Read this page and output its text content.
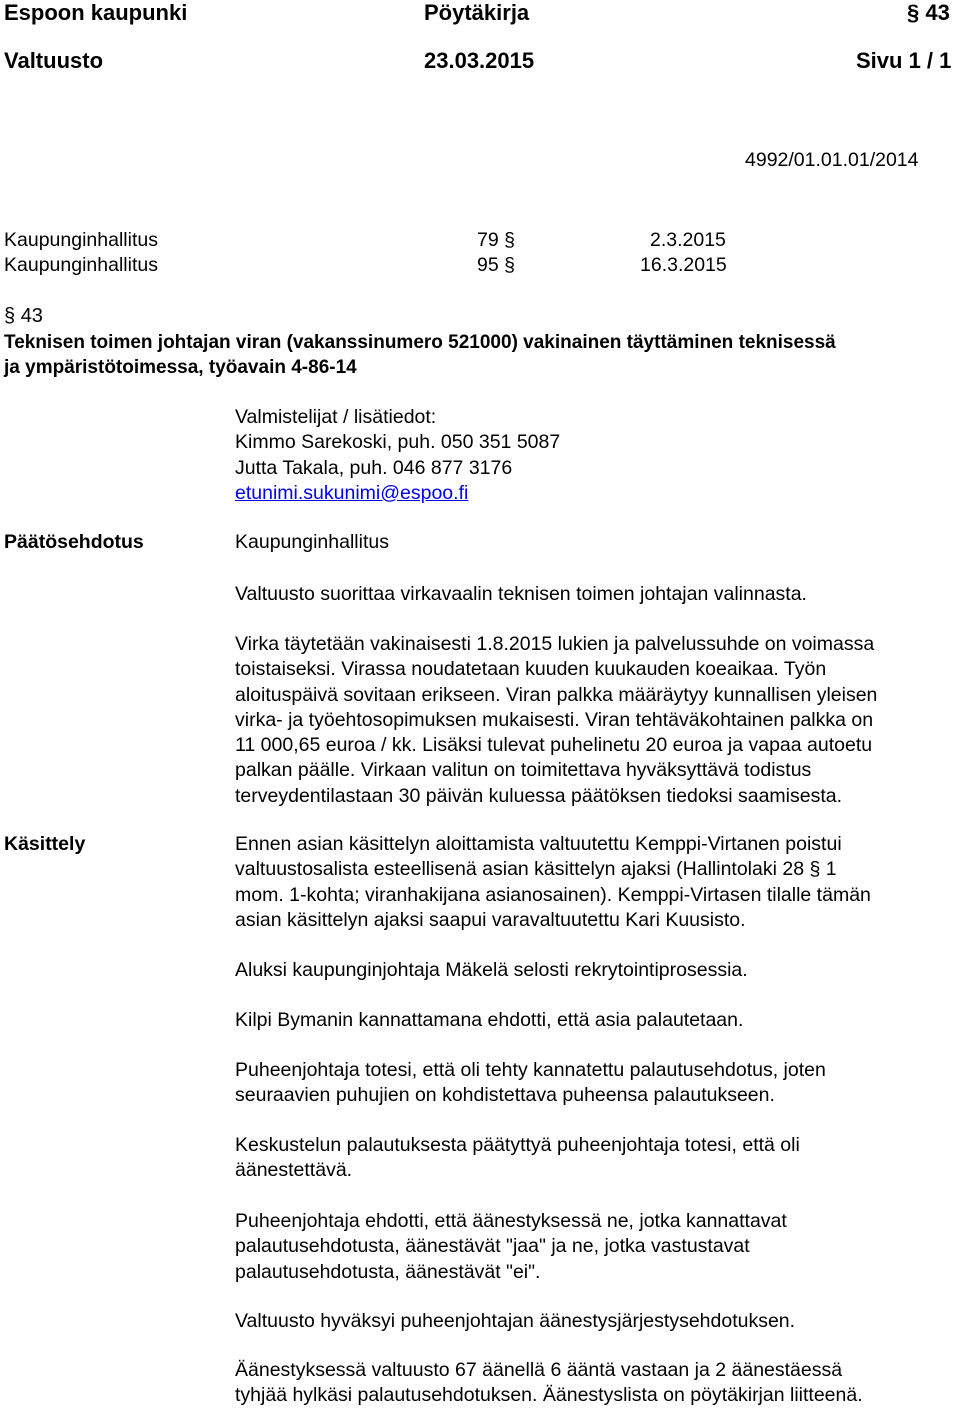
Espoon kaupunki	Pöytäkirja	§ 43
Valtuusto	23.03.2015	Sivu 1 / 1
4992/01.01.01/2014
Kaupunginhallitus	79 §	2.3.2015
Kaupunginhallitus	95 §	16.3.2015
§ 43
Teknisen toimen johtajan viran (vakanssinumero 521000) vakinainen täyttäminen teknisessä
ja ympäristötoimessa, työavain 4-86-14

Valmistelijat / lisätiedot:

Kimmo Sarekoski, puh. 050 351 5087

Jutta Takala, puh. 046 877 3176

etunimi.sukunimi@espoo.fi

Päätösehdotus	Kaupunginhallitus
Valtuusto suorittaa virkavaalin teknisen toimen johtajan valinnasta.

Virka täytetään vakinaisesti 1.8.2015 lukien ja palvelussuhde on voimassa

toistaiseksi. Virassa noudatetaan kuuden kuukauden koeaikaa. Työn

aloituspäivä sovitaan erikseen. Viran palkka määräytyy kunnallisen yleisen

virka- ja työehtosopimuksen mukaisesti. Viran tehtäväkohtainen palkka on

11 000,65 euroa / kk. Lisäksi tulevat puhelinetu 20 euroa ja vapaa autoetu

palkan päälle. Virkaan valitun on toimitettava hyväksyttävä todistus

terveydentilastaan 30 päivän kuluessa päätöksen tiedoksi saamisesta.

Käsittely	Ennen asian käsittelyn aloittamista valtuutettu Kemppi-Virtanen poistui

valtuustosalista esteellisenä asian käsittelyn ajaksi (Hallintolaki 28 § 1

mom. 1-kohta; viranhakijana asianosainen). Kemppi-Virtasen tilalle tämän

asian käsittelyn ajaksi saapui varavaltuutettu Kari Kuusisto.

Aluksi kaupunginjohtaja Mäkelä selosti rekrytointiprosessia.

Kilpi Bymanin kannattamana ehdotti, että asia palautetaan.

Puheenjohtaja totesi, että oli tehty kannatettu palautusehdotus, joten

seuraavien puhujien on kohdistettava puheensa palautukseen.

Keskustelun palautuksesta päätyttyä puheenjohtaja totesi, että oli

äänestettävä.

Puheenjohtaja ehdotti, että äänestyksessä ne, jotka kannattavat

palautusehdotusta, äänestävät "jaa" ja ne, jotka vastustavat

palautusehdotusta, äänestävät "ei".

Valtuusto hyväksyi puheenjohtajan äänestysjärjestysehdotuksen.

Äänestyksessä valtuusto 67 äänellä 6 ääntä vastaan ja 2 äänestäessä

tyhjää hylkäsi palautusehdotuksen. Äänestyslista on pöytäkirjan liitteenä.
